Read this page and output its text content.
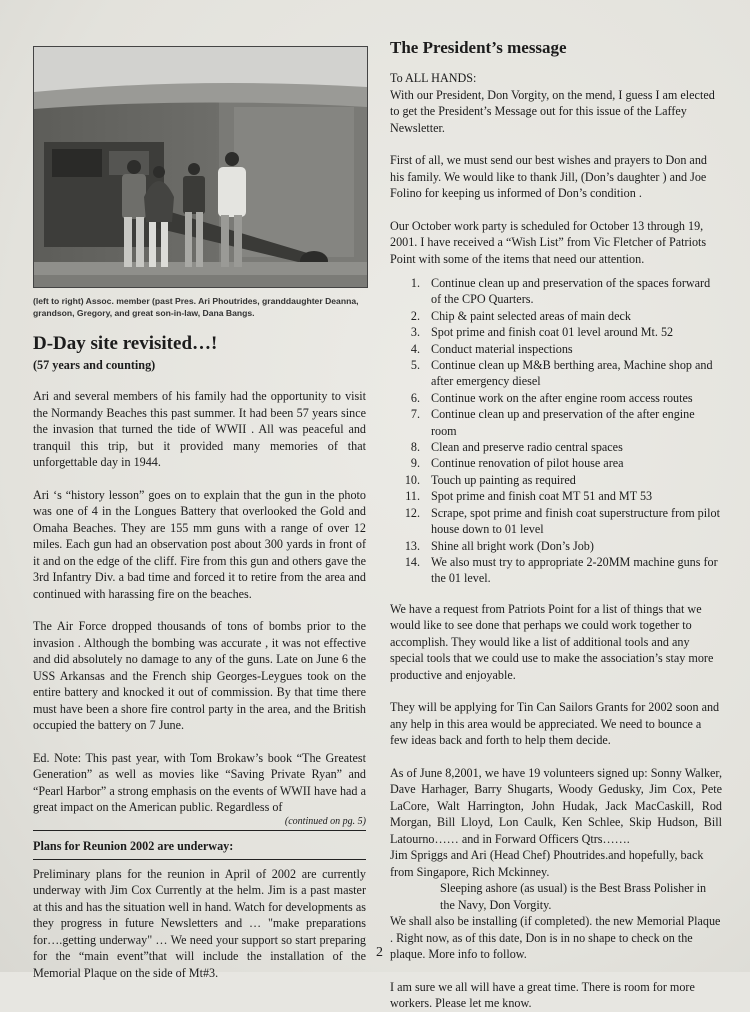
(left to right) Assoc. member (past Pres. Ari Phoutrides, granddaughter Deanna, grandson, Gregory, and great son-in-law, Dana Bangs.
D-Day site revisited…!
(57 years and counting)

Ari and several members of his family had the opportunity to visit the Normandy Beaches this past summer. It had been 57 years since the invasion that turned the tide of WWII . All was peaceful and tranquil this trip, but it provided many memories of that unforgettable day in 1944.

Ari ‘s “history lesson” goes on to explain that the gun in the photo was one of 4 in the Longues Battery that overlooked the Gold and Omaha Beaches. They are 155 mm guns with a range of over 12 miles. Each gun had an observation post about 300 yards in front of it and on the edge of the cliff. Fire from this gun and others gave the 3rd Infantry Div. a bad time and forced it to retire from the area and continued with harassing fire on the beaches.

The Air Force dropped thousands of tons of bombs prior to the invasion . Although the bombing was accurate , it was not effective and did absolutely no damage to any of the guns. Late on June 6 the USS Arkansas and the French ship Georges-Leygues took on the entire battery and knocked it out of commission. By that time there must have been a shore fire control party in the area, and the British occupied the battery on 7 June.

Ed. Note: This past year, with Tom Brokaw’s book “The Greatest Generation” as well as movies like “Saving Private Ryan” and “Pearl Harbor” a strong emphasis on the events of WWII have had a great impact on the American public. Regardless of

(continued on pg. 5)
Plans for Reunion 2002 are underway:

Preliminary plans for the reunion in April of 2002 are currently underway with Jim Cox Currently at the helm. Jim is a past master at this and has the situation well in hand. Watch for developments as they progress in future Newsletters and … "make preparations for….getting underway" … We need your support so start preparing for the “main event”that will include the installation of the Memorial Plaque on the side of Mt#3.

The President’s message

To ALL HANDS:

With our President, Don Vorgity, on the mend, I guess I am elected to get the President’s Message out for this issue of the Laffey Newsletter.

First of all, we must send our best wishes and prayers to Don and his family. We would like to thank Jill, (Don’s daughter ) and Joe Folino for keeping us informed of Don’s condition .

Our October work party is scheduled for October 13 through 19, 2001. I have received a “Wish List” from Vic Fletcher of Patriots Point with some of the items that need our attention.

1. Continue clean up and preservation of the spaces forward of the CPO Quarters.
2. Chip & paint selected areas of main deck
3. Spot prime and finish coat 01 level around Mt. 52
4. Conduct material inspections
5. Continue clean up M&B berthing area, Machine shop and after emergency diesel
6. Continue work on the after engine room access routes
7. Continue clean up and preservation of the after engine room
8. Clean and preserve radio central spaces
9. Continue renovation of pilot house area
10. Touch up painting as required
11. Spot prime and finish coat MT 51 and MT 53
12. Scrape, spot prime and finish coat superstructure from pilot house down to 01 level
13. Shine all bright work (Don’s Job)
14. We also must try to appropriate 2-20MM machine guns for the 01 level.

We have a request from Patriots Point for a list of things that we would like to see done that perhaps we could work together to accomplish. They would like a list of additional tools and any special tools that we could use to make the association’s stay more productive and enjoyable.

They will be applying for Tin Can Sailors Grants for 2002 soon and any help in this area would be appreciated. We need to bounce a few ideas back and forth to help them decide.

As of June 8,2001, we have 19 volunteers signed up: Sonny Walker, Dave Harhager, Barry Shugarts, Woody Gedusky, Jim Cox, Pete LaCore, Walt Harrington, John Hudak, Jack MacCaskill, Rod Morgan, Bill Lloyd, Lon Caulk, Ken Schlee, Skip Hudson, Bill Latourno…… and in Forward Officers Qtrs…….

Jim Spriggs and Ari (Head Chef) Phoutrides.and hopefully, back from Singapore, Rich Mckinney.

Sleeping ashore (as usual) is the Best Brass Polisher in the Navy, Don Vorgity.

We shall also be installing (if completed). the new Memorial Plaque . Right now, as of this date, Don is in no shape to check on the plaque. More info to follow.

I am sure we all will have a great time. There is room for more workers. Please let me know.

2
